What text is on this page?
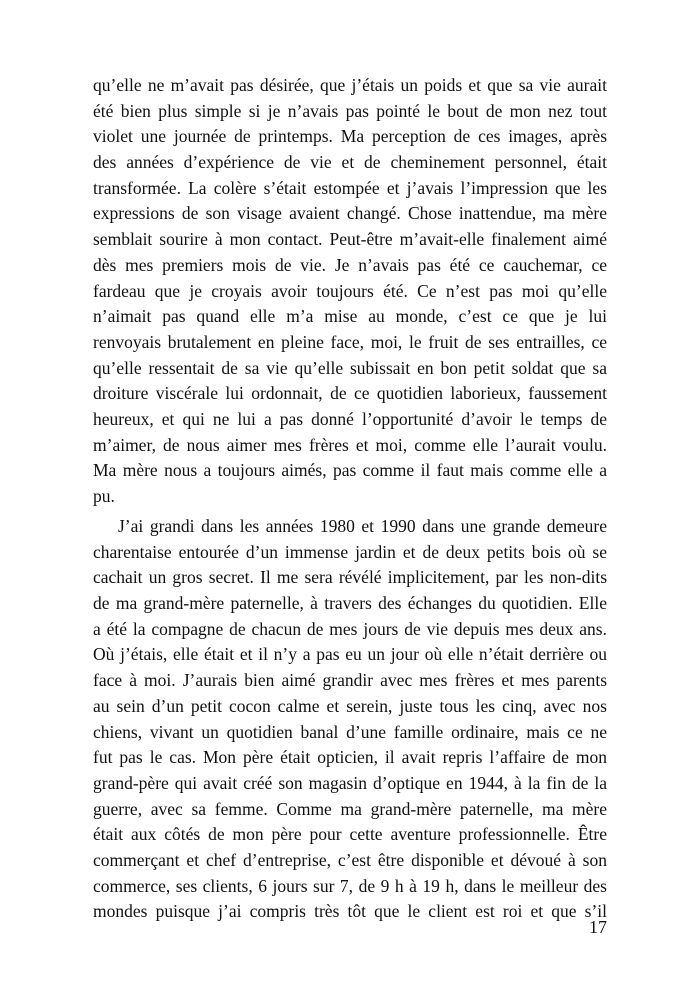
qu’elle ne m’avait pas désirée, que j’étais un poids et que sa vie aurait
été bien plus simple si je n’avais pas pointé le bout de mon nez tout
violet une journée de printemps. Ma perception de ces images, après
des années d’expérience de vie et de cheminement personnel, était
transformée. La colère s’était estompée et j’avais l’impression que les
expressions de son visage avaient changé. Chose inattendue, ma mère
semblait sourire à mon contact. Peut-être m’avait-elle finalement aimé
dès mes premiers mois de vie. Je n’avais pas été ce cauchemar, ce
fardeau que je croyais avoir toujours été. Ce n’est pas moi qu’elle
n’aimait pas quand elle m’a mise au monde, c’est ce que je lui
renvoyais brutalement en pleine face, moi, le fruit de ses entrailles, ce
qu’elle ressentait de sa vie qu’elle subissait en bon petit soldat que sa
droiture viscérale lui ordonnait, de ce quotidien laborieux, faussement
heureux, et qui ne lui a pas donné l’opportunité d’avoir le temps de
m’aimer, de nous aimer mes frères et moi, comme elle l’aurait voulu.
Ma mère nous a toujours aimés, pas comme il faut mais comme elle a
pu.
J’ai grandi dans les années 1980 et 1990 dans une grande demeure
charentaise entourée d’un immense jardin et de deux petits bois où se
cachait un gros secret. Il me sera révélé implicitement, par les non-dits
de ma grand-mère paternelle, à travers des échanges du quotidien. Elle
a été la compagne de chacun de mes jours de vie depuis mes deux ans.
Où j’étais, elle était et il n’y a pas eu un jour où elle n’était derrière ou
face à moi. J’aurais bien aimé grandir avec mes frères et mes parents
au sein d’un petit cocon calme et serein, juste tous les cinq, avec nos
chiens, vivant un quotidien banal d’une famille ordinaire, mais ce ne
fut pas le cas. Mon père était opticien, il avait repris l’affaire de mon
grand-père qui avait créé son magasin d’optique en 1944, à la fin de la
guerre, avec sa femme. Comme ma grand-mère paternelle, ma mère
était aux côtés de mon père pour cette aventure professionnelle. Être
commerçant et chef d’entreprise, c’est être disponible et dévoué à son
commerce, ses clients, 6 jours sur 7, de 9 h à 19 h, dans le meilleur des
mondes puisque j’ai compris très tôt que le client est roi et que s’il
17
